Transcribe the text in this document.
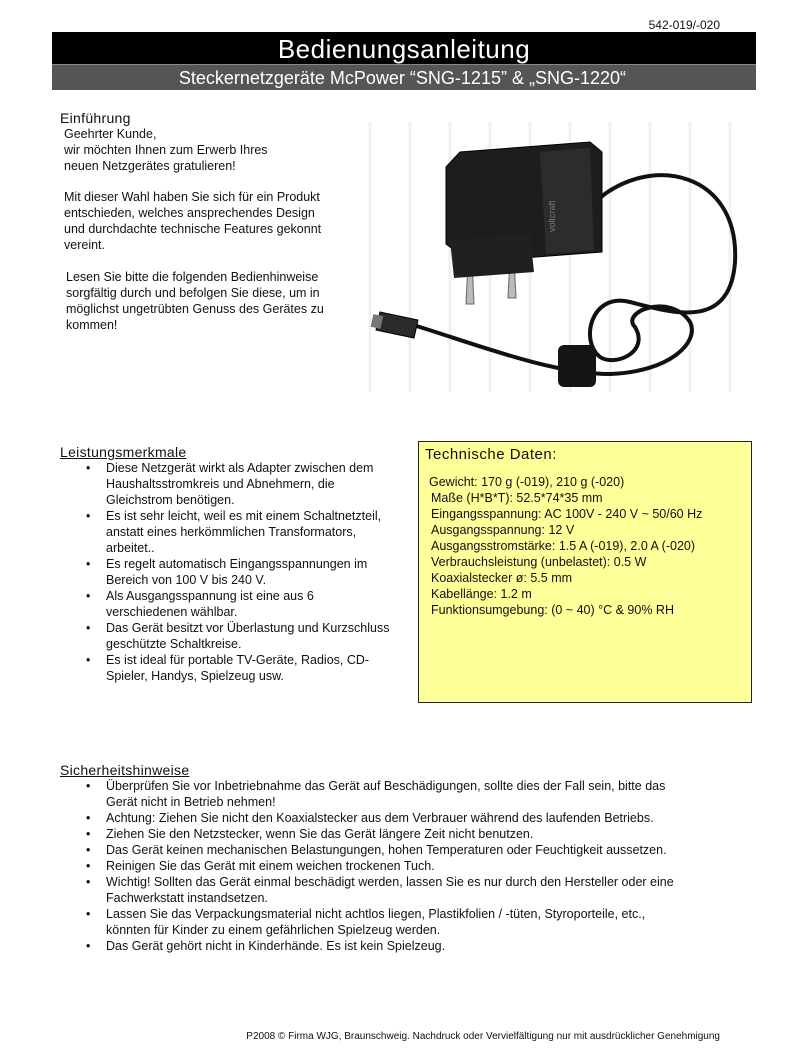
542-019/-020
Bedienungsanleitung
Steckernetzgeräte McPower “SNG-1215” & „SNG-1220“
Einführung
Geehrter Kunde,
wir möchten Ihnen zum Erwerb Ihres
neuen Netzgerätes gratulieren!
Mit dieser Wahl haben Sie sich für ein Produkt
entschieden, welches ansprechendes Design
und durchdachte technische Features gekonnt
vereint.
Lesen Sie bitte die folgenden Bedienhinweise
sorgfältig durch und befolgen Sie diese, um in
möglichst ungetrübten Genuss des Gerätes zu
kommen!
voltcraft
Leistungsmerkmale
• Diese Netzgerät wirkt als Adapter zwischen dem
Haushaltsstromkreis und Abnehmern, die
Gleichstrom benötigen.
• Es ist sehr leicht, weil es mit einem Schaltnetzteil,
anstatt eines herkömmlichen Transformators,
arbeitet..
• Es regelt automatisch Eingangsspannungen im
Bereich von 100 V bis 240 V.
• Als Ausgangsspannung ist eine aus 6
verschiedenen wählbar.
• Das Gerät besitzt vor Überlastung und Kurzschluss
geschützte Schaltkreise.
• Es ist ideal für portable TV-Geräte, Radios, CD-
Spieler, Handys, Spielzeug usw.
Technische Daten:
Gewicht: 170 g (-019), 210 g (-020)
Maße (H*B*T): 52.5*74*35 mm
Eingangsspannung: AC 100V - 240 V ~ 50/60 Hz
Ausgangsspannung: 12 V
Ausgangsstromstärke: 1.5 A (-019), 2.0 A (-020)
Verbrauchsleistung (unbelastet): 0.5 W
Koaxialstecker ø: 5.5 mm
Kabellänge: 1.2 m
Funktionsumgebung: (0 ~ 40) °C & 90% RH
Sicherheitshinweise
• Überprüfen Sie vor Inbetriebnahme das Gerät auf Beschädigungen, sollte dies der Fall sein, bitte das
Gerät nicht in Betrieb nehmen!
• Achtung: Ziehen Sie nicht den Koaxialstecker aus dem Verbrauer während des laufenden Betriebs.
• Ziehen Sie den Netzstecker, wenn Sie das Gerät längere Zeit nicht benutzen.
• Das Gerät keinen mechanischen Belastungungen, hohen Temperaturen oder Feuchtigkeit aussetzen.
• Reinigen Sie das Gerät mit einem weichen trockenen Tuch.
• Wichtig! Sollten das Gerät einmal beschädigt werden, lassen Sie es nur durch den Hersteller oder eine
Fachwerkstatt instandsetzen.
• Lassen Sie das Verpackungsmaterial nicht achtlos liegen, Plastikfolien / -tüten, Styroporteile, etc.,
könnten für Kinder zu einem gefährlichen Spielzeug werden.
• Das Gerät gehört nicht in Kinderhände. Es ist kein Spielzeug.
P2008 © Firma WJG, Braunschweig. Nachdruck oder Vervielfältigung nur mit ausdrücklicher Genehmigung
